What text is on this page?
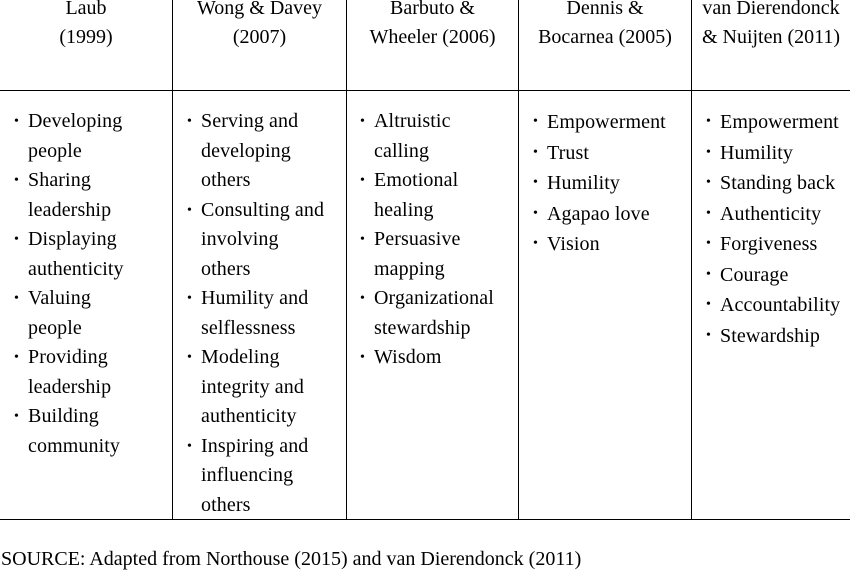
Laub
(1999)
Wong & Davey
(2007)
Barbuto &
Wheeler (2006)
Dennis &
Bocarnea (2005)
van Dierendonck
& Nuijten (2011)
• Developing
people
• Sharing
leadership
• Displaying
authenticity
• Valuing
people
• Providing
leadership
• Building
community
• Serving and
developing
others
• Consulting and
involving
others
• Humility and
selflessness
• Modeling
integrity and
authenticity
• Inspiring and
influencing
others
• Altruistic
calling
• Emotional
healing
• Persuasive
mapping
• Organizational
stewardship
• Wisdom
• Empowerment
• Trust
• Humility
• Agapao love
• Vision
• Empowerment
• Humility
• Standing back
• Authenticity
• Forgiveness
• Courage
• Accountability
• Stewardship
SOURCE: Adapted from Northouse (2015) and van Dierendonck (2011)
